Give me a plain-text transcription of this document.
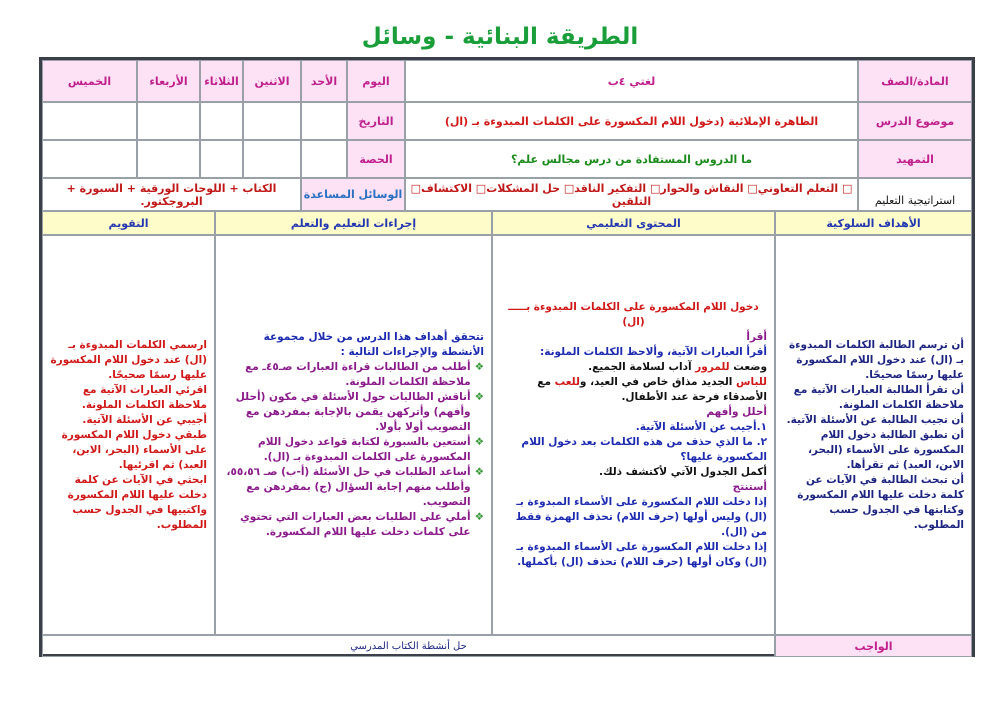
الطريقة البنائية - وسائل
المادة/الصف
لغتي ٤ب
اليوم
الأحد
الاثنين
الثلاثاء
الأربعاء
الخميس
موضوع الدرس
الظاهرة الإملائية (دخول اللام المكسورة على الكلمات المبدوءة بـ (ال)
التاريخ
التمهيد
ما الدروس المستفادة من درس مجالس علم؟
الحصة
استراتيجية التعليم
□ التعلم التعاوني□ النقاش والحوار□ التفكير الناقد□ حل المشكلات□ الاكتشاف□ التلقين
الوسائل المساعدة
الكتاب + اللوحات الورقية + السبورة + البروجكتور.
الأهداف السلوكية
المحتوى التعليمي
إجراءات التعليم والتعلم
التقويم
أن ترسم الطالبة الكلمات المبدوءة بـ (ال) عند دخول اللام المكسورة عليها رسمًا صحيحًا.
أن تقرأ الطالبة العبارات الآتية مع ملاحظة الكلمات الملونة.
أن تجيب الطالبة عن الأسئلة الآتية.
أن تطبق الطالبة دخول اللام المكسورة على الأسماء (البحر، الابن، العبد) ثم تقرأها.
أن تبحث الطالبة في الآيات عن كلمة دخلت عليها اللام المكسورة وكتابتها في الجدول حسب المطلوب.
دخول اللام المكسورة على الكلمات المبدوءة بـــــ (ال)
أقرأ
أقرأ العبارات الآتية، وألاحظ الكلمات الملونة:
وضعت للمرور آداب لسلامة الجميع.
للباس الجديد مذاق خاص في العيد، وللعب مع الأصدقاء فرحة عند الأطفال.
أحلل وأفهم
١.أجيب عن الأسئلة الآتية.
٢. ما الذي حذف من هذه الكلمات بعد دخول اللام المكسورة عليها؟
أكمل الجدول الآتي لأكتشف ذلك.
أستنتج
إذا دخلت اللام المكسورة على الأسماء المبدوءة بـ (ال) وليس أولها (حرف اللام) تحذف الهمزة فقط من (ال).
إذا دخلت اللام المكسورة على الأسماء المبدوءة بـ (ال) وكان أولها (حرف اللام) تحذف (ال) بأكملها.
تتحقق أهداف هذا الدرس من خلال مجموعة الأنشطة والإجراءات التالية :
❖
أطلب من الطالبات قراءة العبارات صـ٤٥ـ مع ملاحظة الكلمات الملونة.
❖
أناقش الطالبات حول الأسئلة في مكون (أحلل وأفهم) وأتركهن يقمن بالإجابة بمفردهن مع التصويب أولا بأولا.
❖
أستعين بالسبورة لكتابة قواعد دخول اللام المكسورة على الكلمات المبدوءة بـ (ال).
❖
أساعد الطلبات في حل الأسئلة (أ-ب) صـ ٥٥،٥٦، وأطلب منهم إجابة السؤال (ج) بمفردهن مع التصويب.
❖
أملي على الطلبات بعض العبارات التي تحتوي على كلمات دخلت عليها اللام المكسورة.
ارسمي الكلمات المبدوءة بـ (ال) عند دخول اللام المكسورة عليها رسمًا صحيحًا.
اقرئي العبارات الآتية مع ملاحظة الكلمات الملونة.
أجيبي عن الأسئلة الآتية.
طبقي دخول اللام المكسورة على الأسماء (البحر، الابن، العبد) ثم اقرئيها.
ابحثي في الآيات عن كلمة دخلت عليها اللام المكسورة واكتبيها في الجدول حسب المطلوب.
الواجب
حل أنشطة الكتاب المدرسي
